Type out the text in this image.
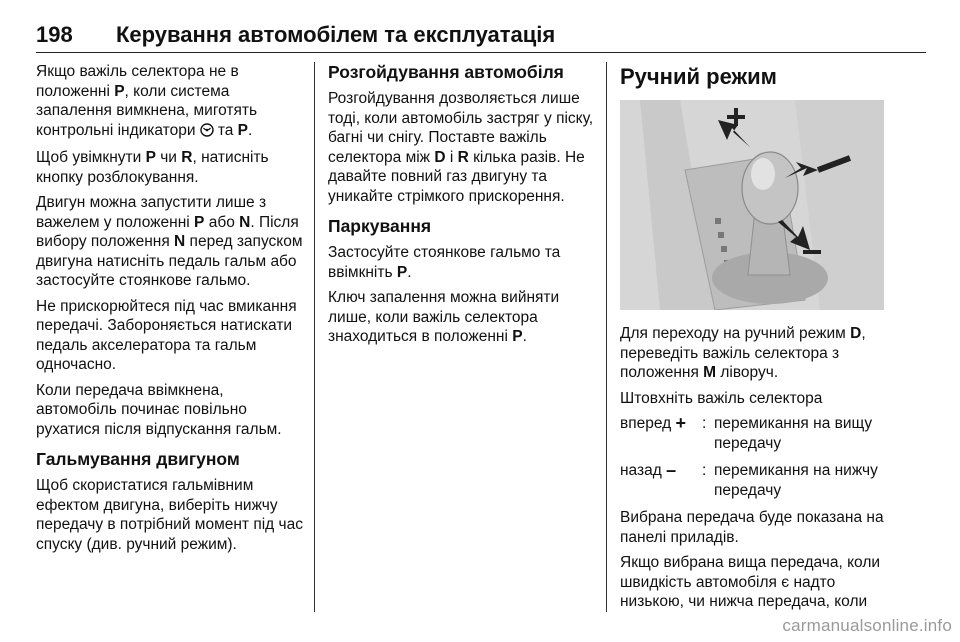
198 Керування автомобілем та експлуатація

Якщо важіль селектора не в положенні P, коли система запалення вимкнена, миготять контрольні індикатори та P.

Щоб увімкнути P чи R, натисніть кнопку розблокування.

Двигун можна запустити лише з важелем у положенні P або N. Після вибору положення N перед запуском двигуна натисніть педаль гальм або застосуйте стоянкове гальмо.

Не прискорюйтеся під час вмикання передачі. Забороняється натискати педаль акселератора та гальм одночасно.

Коли передача ввімкнена, автомобіль починає повільно рухатися після відпускання гальм.

Гальмування двигуном

Щоб скористатися гальмівним ефектом двигуна, виберіть нижчу передачу в потрібний момент під час спуску (див. ручний режим).

Розгойдування автомобіля

Розгойдування дозволяється лише тоді, коли автомобіль застряг у піску, багні чи снігу. Поставте важіль селектора між D і R кілька разів. Не давайте повний газ двигуну та уникайте стрімкого прискорення.

Паркування

Застосуйте стоянкове гальмо та ввімкніть P.

Ключ запалення можна вийняти лише, коли важіль селектора знаходиться в положенні P.

Ручний режим

Для переходу на ручний режим D, переведіть важіль селектора з положення M ліворуч.

Штовхніть важіль селектора

вперед +	: перемикання на вищу передачу
назад –	: перемикання на нижчу передачу

Вибрана передача буде показана на панелі приладів.

Якщо вибрана вища передача, коли швидкість автомобіля є надто низькою, чи нижча передача, коли

carmanualsonline.info
